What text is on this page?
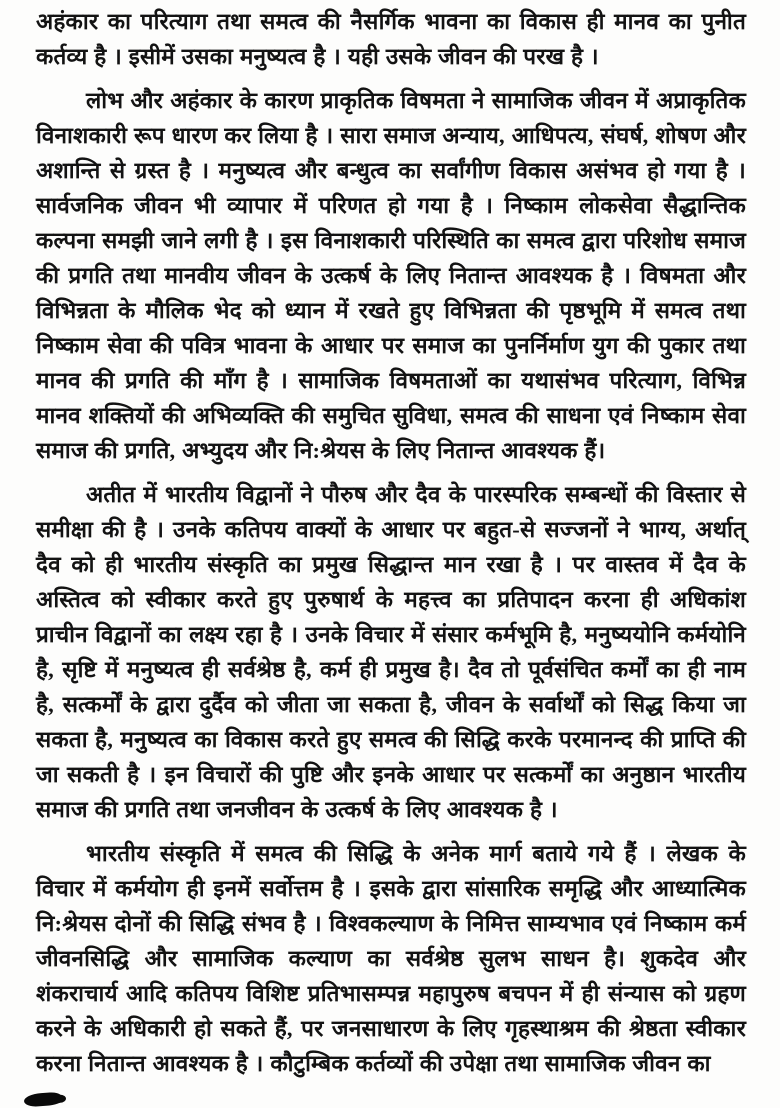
अहंकार का परित्याग तथा समत्व की नैसर्गिक भावना का विकास ही मानव का पुनीत कर्तव्य है । इसीमें उसका मनुष्यत्व है । यही उसके जीवन की परख है ।

लोभ और अहंकार के कारण प्राकृतिक विषमता ने सामाजिक जीवन में अप्राकृतिक विनाशकारी रूप धारण कर लिया है । सारा समाज अन्याय, आधिपत्य, संघर्ष, शोषण और अशान्ति से ग्रस्त है । मनुष्यत्व और बन्धुत्व का सर्वांगीण विकास असंभव हो गया है । सार्वजनिक जीवन भी व्यापार में परिणत हो गया है । निष्काम लोकसेवा सैद्धान्तिक कल्पना समझी जाने लगी है । इस विनाशकारी परिस्थिति का समत्व द्वारा परिशोध समाज की प्रगति तथा मानवीय जीवन के उत्कर्ष के लिए नितान्त आवश्यक है । विषमता और विभिन्नता के मौलिक भेद को ध्यान में रखते हुए विभिन्नता की पृष्ठभूमि में समत्व तथा निष्काम सेवा की पवित्र भावना के आधार पर समाज का पुनर्निर्माण युग की पुकार तथा मानव की प्रगति की माँग है । सामाजिक विषमताओं का यथासंभव परित्याग, विभिन्न मानव शक्तियों की अभिव्यक्ति की समुचित सुविधा, समत्व की साधना एवं निष्काम सेवा समाज की प्रगति, अभ्युदय और नि:श्रेयस के लिए नितान्त आवश्यक हैं।

अतीत में भारतीय विद्वानों ने पौरुष और दैव के पारस्परिक सम्बन्धों की विस्तार से समीक्षा की है । उनके कतिपय वाक्यों के आधार पर बहुत-से सज्जनों ने भाग्य, अर्थात् दैव को ही भारतीय संस्कृति का प्रमुख सिद्धान्त मान रखा है । पर वास्तव में दैव के अस्तित्व को स्वीकार करते हुए पुरुषार्थ के महत्त्व का प्रतिपादन करना ही अधिकांश प्राचीन विद्वानों का लक्ष्य रहा है । उनके विचार में संसार कर्मभूमि है, मनुष्ययोनि कर्मयोनि है, सृष्टि में मनुष्यत्व ही सर्वश्रेष्ठ है, कर्म ही प्रमुख है। दैव तो पूर्वसंचित कर्मों का ही नाम है, सत्कर्मों के द्वारा दुर्दैव को जीता जा सकता है, जीवन के सर्वार्थों को सिद्ध किया जा सकता है, मनुष्यत्व का विकास करते हुए समत्व की सिद्धि करके परमानन्द की प्राप्ति की जा सकती है । इन विचारों की पुष्टि और इनके आधार पर सत्कर्मों का अनुष्ठान भारतीय समाज की प्रगति तथा जनजीवन के उत्कर्ष के लिए आवश्यक है ।

भारतीय संस्कृति में समत्व की सिद्धि के अनेक मार्ग बताये गये हैं । लेखक के विचार में कर्मयोग ही इनमें सर्वोत्तम है । इसके द्वारा सांसारिक समृद्धि और आध्यात्मिक नि:श्रेयस दोनों की सिद्धि संभव है । विश्वकल्याण के निमित्त साम्यभाव एवं निष्काम कर्म जीवनसिद्धि और सामाजिक कल्याण का सर्वश्रेष्ठ सुलभ साधन है। शुकदेव और शंकराचार्य आदि कतिपय विशिष्ट प्रतिभासम्पन्न महापुरुष बचपन में ही संन्यास को ग्रहण करने के अधिकारी हो सकते हैं, पर जनसाधारण के लिए गृहस्थाश्रम की श्रेष्ठता स्वीकार करना नितान्त आवश्यक है । कौटुम्बिक कर्तव्यों की उपेक्षा तथा सामाजिक जीवन का
